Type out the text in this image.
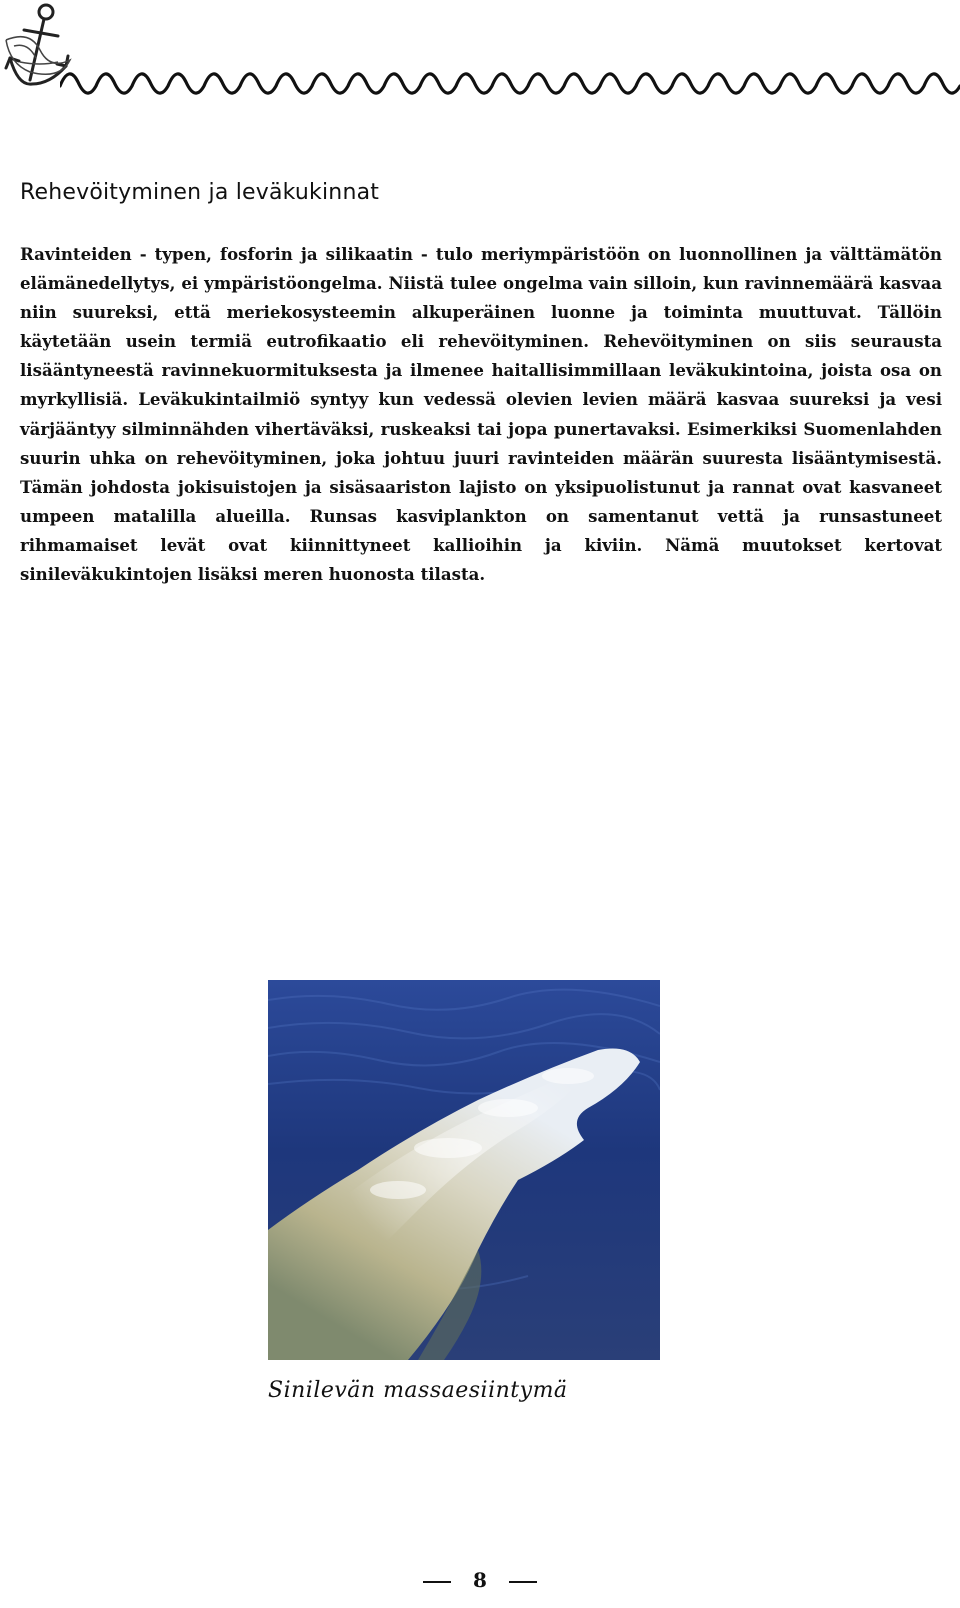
Rehevöityminen ja leväkukinnat

Ravinteiden - typen, fosforin ja silikaatin - tulo meriympäristöön on luonnollinen ja välttämätön elämänedellytys, ei ympäristöongelma. Niistä tulee ongelma vain silloin, kun ravinnemäärä kasvaa niin suureksi, että meriekosysteemin alkuperäinen luonne ja toiminta muuttuvat. Tällöin käytetään usein termiä eutrofikaatio eli rehevöityminen. Rehevöityminen on siis seurausta lisääntyneestä ravinnekuormituksesta ja ilmenee haitallisimmillaan leväkukintoina, joista osa on myrkyllisiä. Leväkukintailmiö syntyy kun vedessä olevien levien määrä kasvaa suureksi ja vesi värjääntyy silminnähden vihertäväksi, ruskeaksi tai jopa punertavaksi. Esimerkiksi Suomenlahden suurin uhka on rehevöityminen, joka johtuu juuri ravinteiden määrän suuresta lisääntymisestä. Tämän johdosta jokisuistojen ja sisäsaariston lajisto on yksipuolistunut ja rannat ovat kasvaneet umpeen matalilla alueilla. Runsas kasviplankton on samentanut vettä ja runsastuneet rihmamaiset levät ovat kiinnittyneet kallioihin ja kiviin. Nämä muutokset kertovat sinileväkukintojen lisäksi meren huonosta tilasta.

Sinilevän massaesiintymä

8
